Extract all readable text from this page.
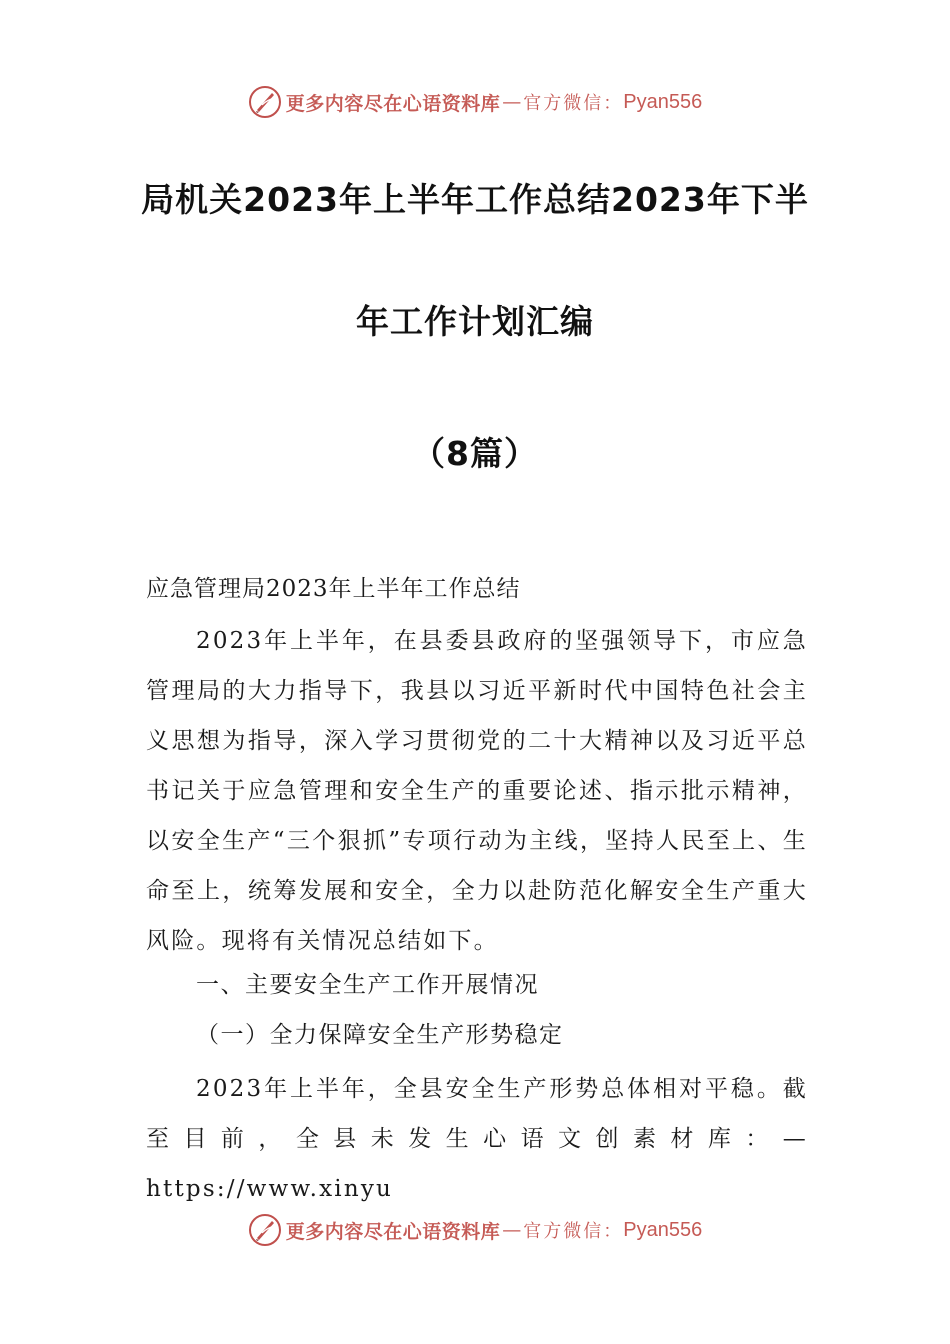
更多内容尽在心语资料库 — 官方微信： Pyan556
局机关2023年上半年工作总结2023年下半
年工作计划汇编
（8篇）
应急管理局2023年上半年工作总结
2023年上半年，在县委县政府的坚强领导下，市应急管理局的大力指导下，我县以习近平新时代中国特色社会主义思想为指导，深入学习贯彻党的二十大精神以及习近平总书记关于应急管理和安全生产的重要论述、指示批示精神，以安全生产“三个狠抓”专项行动为主线，坚持人民至上、生命至上，统筹发展和安全，全力以赴防范化解安全生产重大风险。现将有关情况总结如下。
一、主要安全生产工作开展情况
（一）全力保障安全生产形势稳定
2023年上半年，全县安全生产形势总体相对平稳。截至目前，全县未发生心语文创素材库：—https://www.xinyu
更多内容尽在心语资料库 — 官方微信： Pyan556
